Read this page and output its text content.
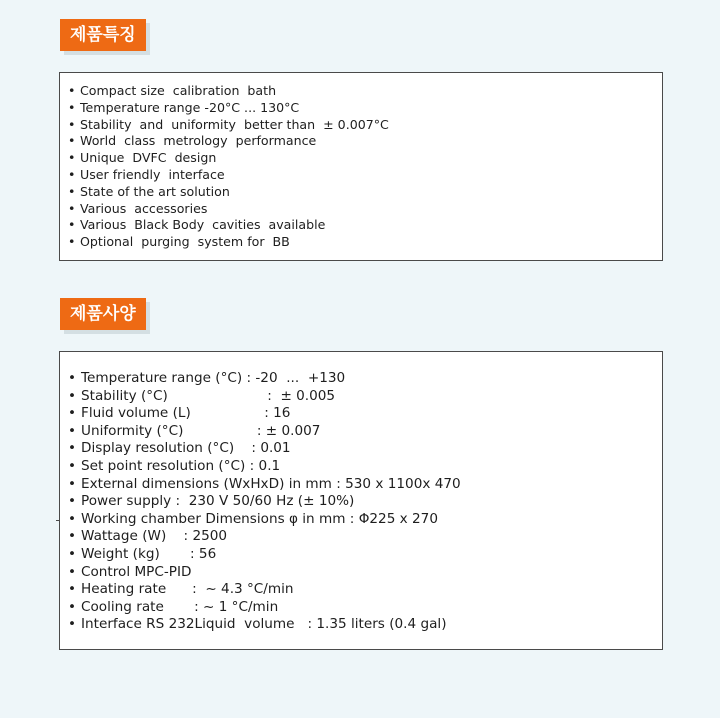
제품특징
• Compact size  calibration  bath
• Temperature range -20°C ... 130°C
• Stability  and  uniformity  better than  ± 0.007°C
• World  class  metrology  performance
• Unique  DVFC  design
• User friendly  interface
• State of the art solution
• Various  accessories
• Various  Black Body  cavities  available
• Optional  purging  system for  BB
제품사양
• Temperature range (°C) : -20  ...  +130
• Stability (°C)                       :  ± 0.005
• Fluid volume (L)                 : 16
• Uniformity (°C)                 : ± 0.007
• Display resolution (°C)    : 0.01
• Set point resolution (°C) : 0.1
• External dimensions (WxHxD) in mm : 530 x 1100x 470
• Power supply :  230 V 50/60 Hz (± 10%)
• Working chamber Dimensions φ in mm : Φ225 x 270
• Wattage (W)    : 2500
• Weight (kg)       : 56
• Control MPC-PID
• Heating rate      :  ~ 4.3 °C/min
• Cooling rate       : ~ 1 °C/min
• Interface RS 232Liquid  volume   : 1.35 liters (0.4 gal)
